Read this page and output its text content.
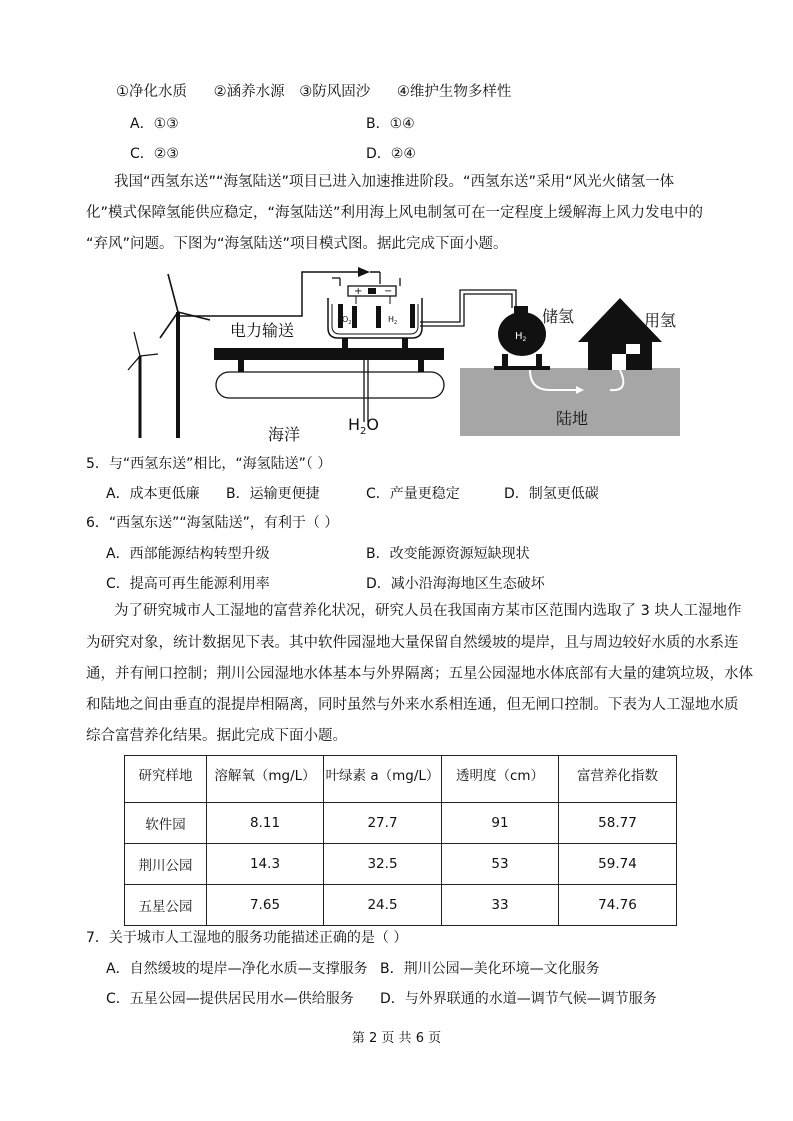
①净化水质 ②涵养水源 ③防风固沙 ④维护生物多样性
A．①③	B．①④
C．②③	D．②④
我国“西氢东送”“海氢陆送”项目已进入加速推进阶段。“西氢东送”采用“风光火储氢一体
化”模式保障氢能供应稳定，“海氢陆送”利用海上风电制氢可在一定程度上缓解海上风力发电中的
“弃风”问题。下图为“海氢陆送”项目模式图。据此完成下面小题。
$H_2$
$O_2$	$H_2$
+ −
电力输送
储氢	用氢
陆地
海洋
$H_2O$
5．与“西氢东送”相比，“海氢陆送”（ ）
A．成本更低廉 B．运输更便捷	C．产量更稳定	D．制氢更低碳
6．“西氢东送”“海氢陆送”，有利于（ ）
A．西部能源结构转型升级	B．改变能源资源短缺现状
C．提高可再生能源利用率	D．减小沿海海地区生态破坏
为了研究城市人工湿地的富营养化状况，研究人员在我国南方某市区范围内选取了 3 块人工湿地作
为研究对象，统计数据见下表。其中软件园湿地大量保留自然缓坡的堤岸，且与周边较好水质的水系连
通，并有闸口控制；荆川公园湿地水体基本与外界隔离；五星公园湿地水体底部有大量的建筑垃圾，水体
和陆地之间由垂直的混提岸相隔离，同时虽然与外来水系相连通，但无闸口控制。下表为人工湿地水质
综合富营养化结果。据此完成下面小题。
研究样地	溶解氧（mg/L）	叶绿素 a（mg/L）	透明度（cm）	富营养化指数
软件园	8.11	27.7	91	58.77
荆川公园	14.3	32.5	53	59.74
五星公园	7.65	24.5	33	74.76
7．关于城市人工湿地的服务功能描述正确的是（ ）
A．自然缓坡的堤岸—净化水质—支撑服务 B．荆川公园—美化环境—文化服务
C．五星公园—提供居民用水—供给服务 D．与外界联通的水道—调节气候—调节服务
第 2 页 共 6 页
